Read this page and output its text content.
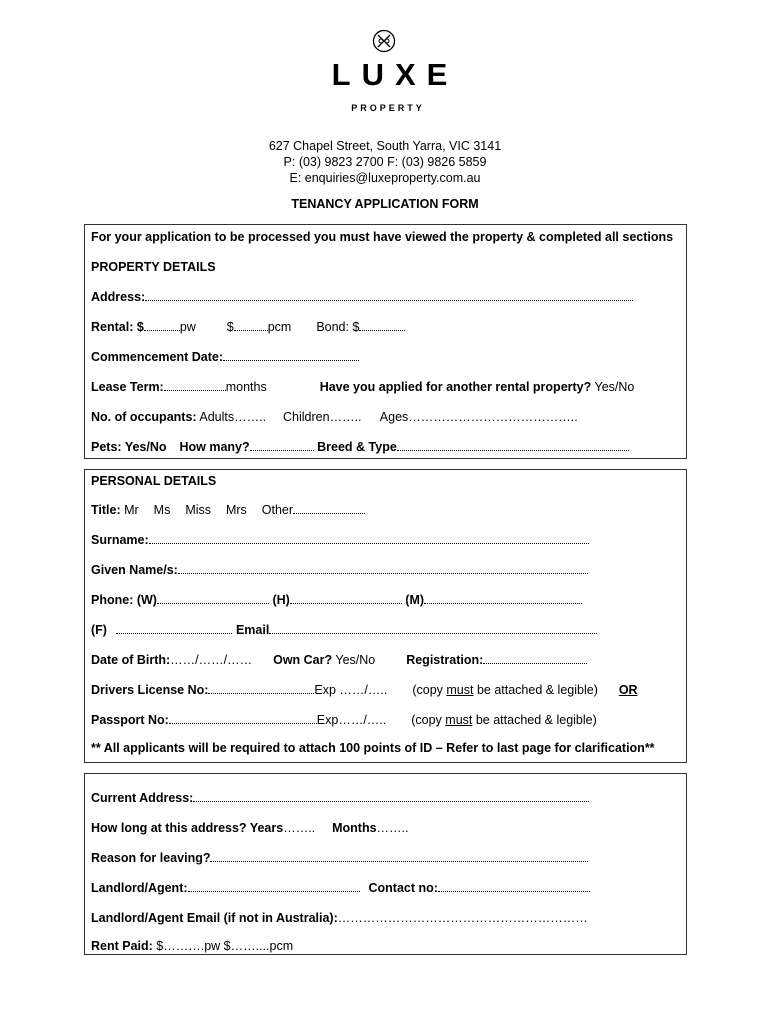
LUXE
PROPERTY
627 Chapel Street, South Yarra, VIC 3141
P: (03) 9823 2700 F: (03) 9826 5859
E: enquiries@luxeproperty.com.au
TENANCY APPLICATION FORM
For your application to be processed you must have viewed the property & completed all sections
PROPERTY DETAILS
Address:
Rental: $	pw $	pcm Bond: $
Commencement Date:
Lease Term:	months	Have you applied for another rental property? Yes/No
No. of occupants: Adults…….. Children…….. Ages…………………………………..
Pets: Yes/No How many?	Breed & Type
PERSONAL DETAILS
Title: Mr Ms Miss Mrs Other
Surname:
Given Name/s:
Phone: (W)	(H)	(M)
(F)	Email
Date of Birth:……/……/…… Own Car? Yes/No Registration:
Drivers License No:	Exp ……/….. (copy must be attached & legible) OR
Passport No:	Exp……/….. (copy must be attached & legible)
** All applicants will be required to attach 100 points of ID – Refer to last page for clarification**
Current Address:
How long at this address? Years…….. Months……..
Reason for leaving?
Landlord/Agent:	Contact no:
Landlord/Agent Email (if not in Australia):……………………………………………………
Rent Paid: $……….pw $……....pcm
